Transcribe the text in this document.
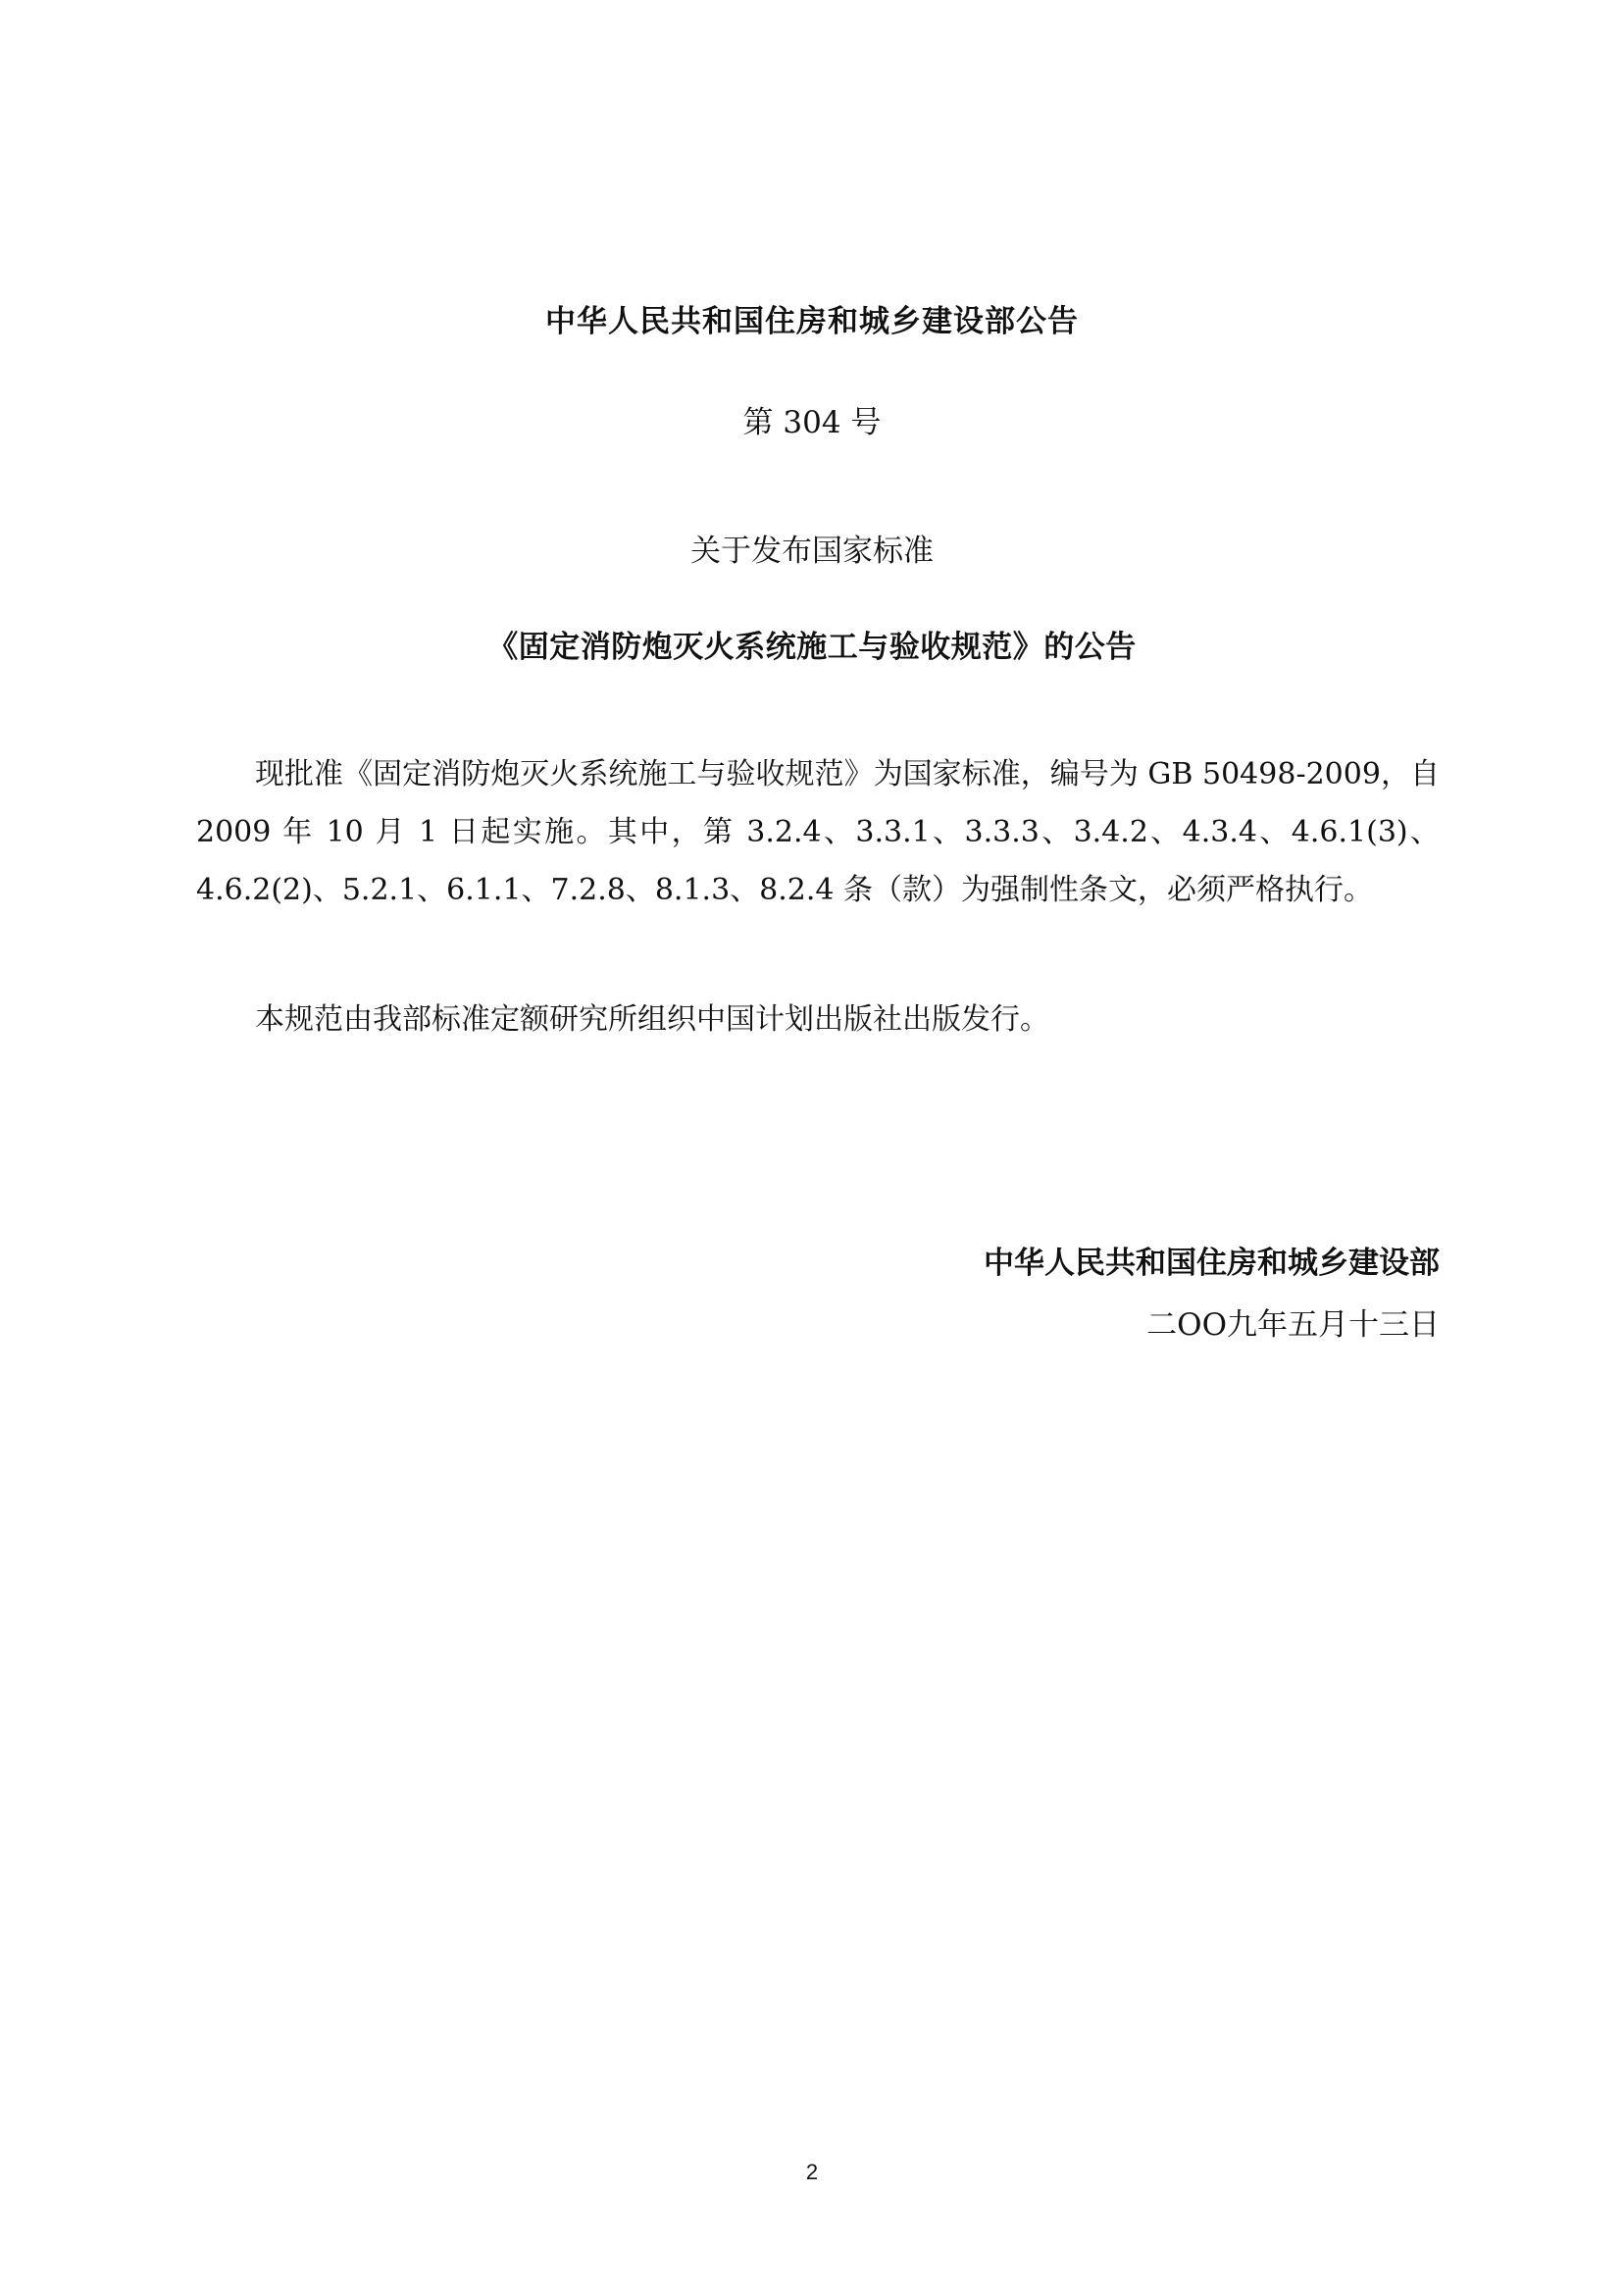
中华人民共和国住房和城乡建设部公告
第 304 号
关于发布国家标准
《固定消防炮灭火系统施工与验收规范》的公告

现批准《固定消防炮灭火系统施工与验收规范》为国家标准，编号为 GB 50498-2009，自 2009 年 10 月 1 日起实施。其中，第 3.2.4、3.3.1、3.3.3、3.4.2、4.3.4、4.6.1(3)、4.6.2(2)、5.2.1、6.1.1、7.2.8、8.1.3、8.2.4 条（款）为强制性条文，必须严格执行。

本规范由我部标准定额研究所组织中国计划出版社出版发行。

中华人民共和国住房和城乡建设部
二OO九年五月十三日
2
